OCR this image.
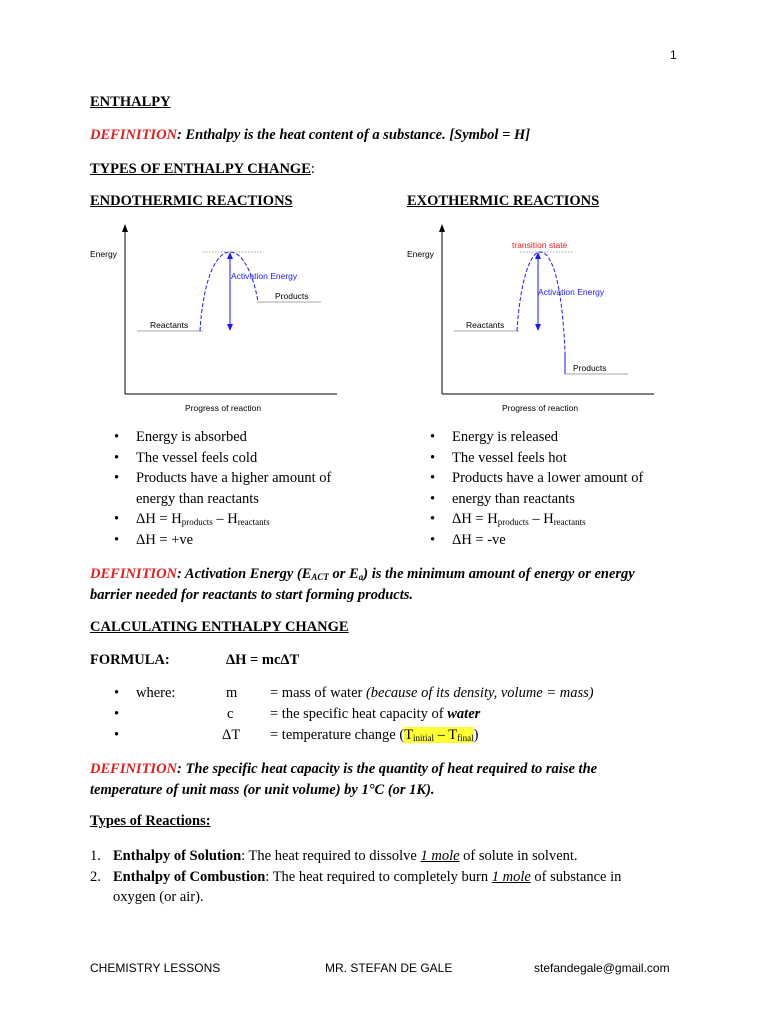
1
ENTHALPY
DEFINITION: Enthalpy is the heat content of a substance. [Symbol = H]
TYPES OF ENTHALPY CHANGE:
ENDOTHERMIC REACTIONS	EXOTHERMIC REACTIONS
Energy
Reactants
Products
Activation Energy
Progress of reaction
Energy
transition state
Activation Energy
Reactants
Products
Progress of reaction
• Energy is absorbed
• The vessel feels cold
• Products have a higher amount of
energy than reactants
• $\Delta H = H_{products} - H_{reactants}$
• ΔH = +ve
• Energy is released
• The vessel feels hot
• Products have a lower amount of
• energy than reactants
• $\Delta H = H_{products} - H_{reactants}$
• ΔH = -ve
DEFINITION: Activation Energy ($E_{ACT}$ or $E_a$) is the minimum amount of energy or energy
barrier needed for reactants to start forming products.
CALCULATING ENTHALPY CHANGE
FORMULA:	ΔH = mcΔT
• where:	m = mass of water (because of its density, volume = mass)
•	c	= the specific heat capacity of water
•	ΔT = temperature change $(T_{initial} - T_{final})$
DEFINITION: The specific heat capacity is the quantity of heat required to raise the
temperature of unit mass (or unit volume) by 1°C (or 1K).
Types of Reactions:
1. Enthalpy of Solution: The heat required to dissolve 1 mole of solute in solvent.
2. Enthalpy of Combustion: The heat required to completely burn 1 mole of substance in
oxygen (or air).
CHEMISTRY LESSONS	MR. STEFAN DE GALE	stefandegale@gmail.com
